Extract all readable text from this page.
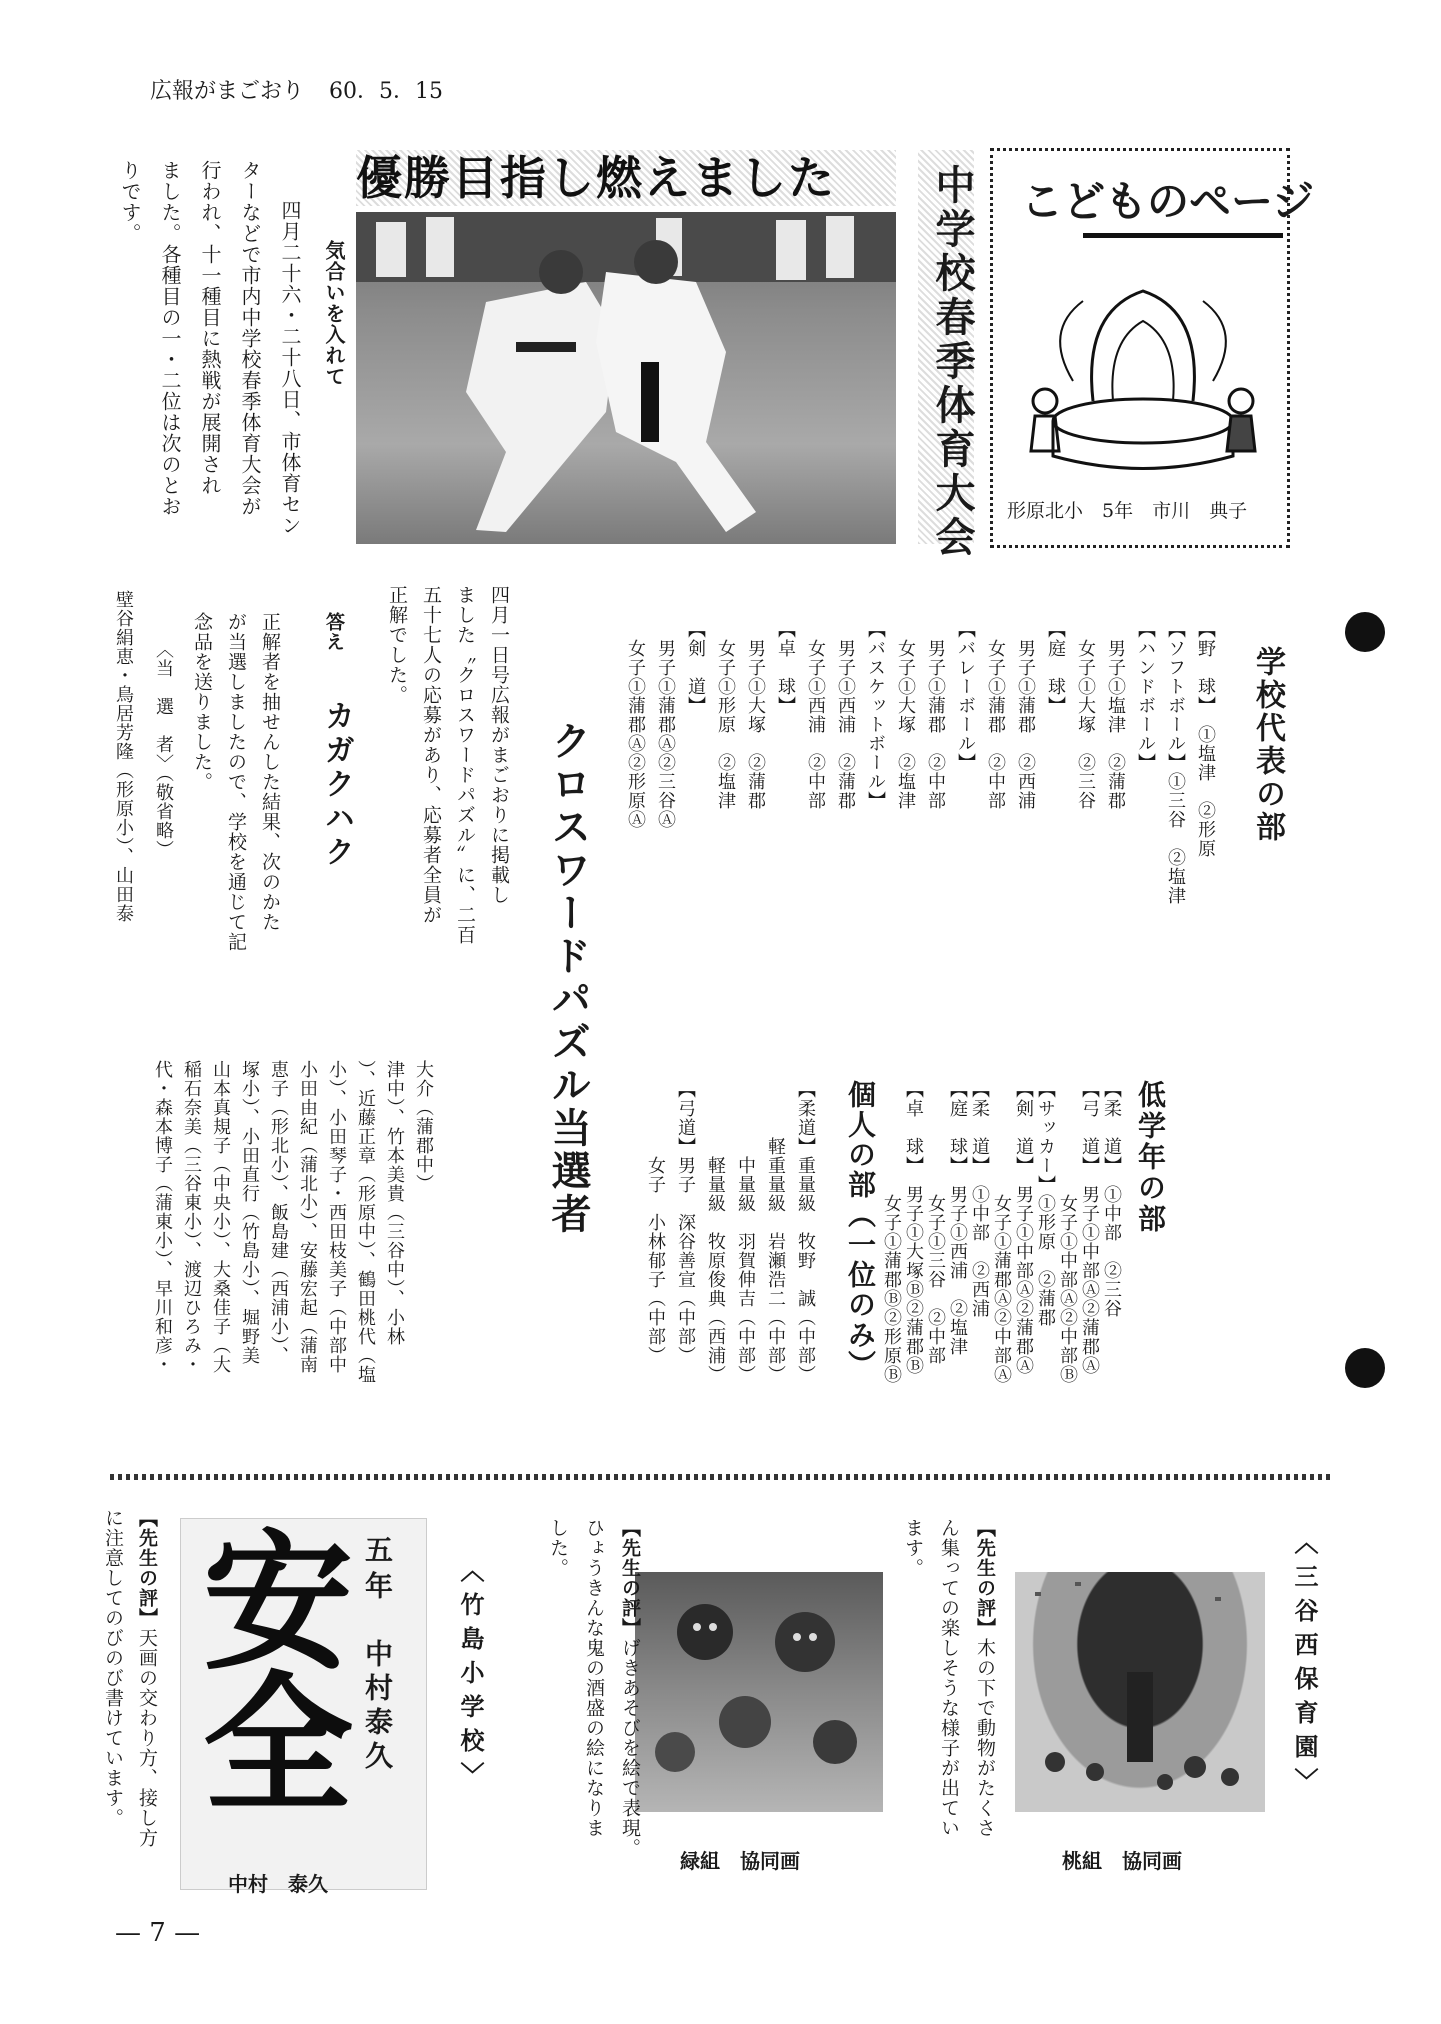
広報がまごおり 60．5．15
四月二十六・二十八日、市体育セン
ターなどで市内中学校春季体育大会が
行われ、十一種目に熱戦が展開され
ました。各種目の一・二位は次のとお
りです。	優勝目指し燃えました
気合いを入れて	中学校春季体育大会 こどものページ
形原北小　5年　市川　典子
学校代表の部
【野　球】　①塩津　②形原
【ソフトボール】①三谷　②塩津
【ハンドボール】
　男子①塩津　②蒲郡
　女子①大塚　②三谷
【庭　球】
　男子①蒲郡　②西浦
　女子①蒲郡　②中部
【バレーボール】
　男子①蒲郡　②中部
　女子①大塚　②塩津
【バスケットボール】
　男子①西浦　②蒲郡
　女子①西浦　②中部
【卓　球】
　男子①大塚　②蒲郡
　女子①形原　②塩津
【剣　道】
　男子①蒲郡Ⓐ②三谷Ⓐ
　女子①蒲郡Ⓐ②形原Ⓐ
低学年の部
【柔　道】　①中部　②三谷
【弓　道】　男子①中部Ⓐ②蒲郡Ⓐ
　　　　　　女子①中部Ⓐ②中部Ⓑ
【サッカー】①形原　②蒲郡
【剣　道】　男子①中部Ⓐ②蒲郡Ⓐ
　　　　　　女子①蒲郡Ⓐ②中部Ⓐ
【柔　道】　①中部　②西浦
【庭　球】　男子①西浦　②塩津
　　　　　　女子①三谷　②中部
【卓　球】　男子①大塚Ⓑ②蒲郡Ⓑ
　　　　　　女子①蒲郡Ⓑ②形原Ⓑ
個人の部（一位のみ）
【柔道】重量級　牧野　誠（中部）
　　　軽重量級　岩瀬浩二（中部）
　　　　中量級　羽賀伸吉（中部）
　　　　軽量級　牧原俊典（西浦）
【弓道】男子　深谷善宣（中部）
　　　　女子　小林郁子（中部）
クロスワードパズル当選者
四月一日号広報がまごおりに掲載し
ました〝クロスワードパズル〟に、二百
五十七人の応募があり、応募者全員が
正解でした。
答え
カガクハク
正解者を抽せんした結果、次のかた
が当選しましたので、学校を通じて記
念品を送りました。
〈当　選　者〉（敬省略）
壁谷絹恵・鳥居芳隆（形原小）、山田泰
大介（蒲郡中）
津中）、竹本美貴（三谷中）、小林
）、近藤正章（形原中）、鶴田桃代（塩
小）、小田琴子・西田枝美子（中部中
小田由紀（蒲北小）、安藤宏起（蒲南
恵子（形北小）、飯島建（西浦小）、
塚小）、小田直行（竹島小）、堀野美
山本真規子（中央小）、大桑佳子（大
稲石奈美（三谷東小）、渡辺ひろみ・
代・森本博子（蒲東小）、早川和彦・
〈三谷西保育園〉
【先生の評】木の下で動物がたくさ
ん集っての楽しそうな様子が出てい
ます。
桃組　協同画
〈竹島小学校〉	【先生の評】げきあそびを絵で表現。
ひょうきんな鬼の酒盛の絵になりま
した。
緑組　協同画
安全 五年
中村泰久
中村　泰久
【先生の評】天画の交わり方、接し方
に注意してのびのび書けています。
— 7 —
